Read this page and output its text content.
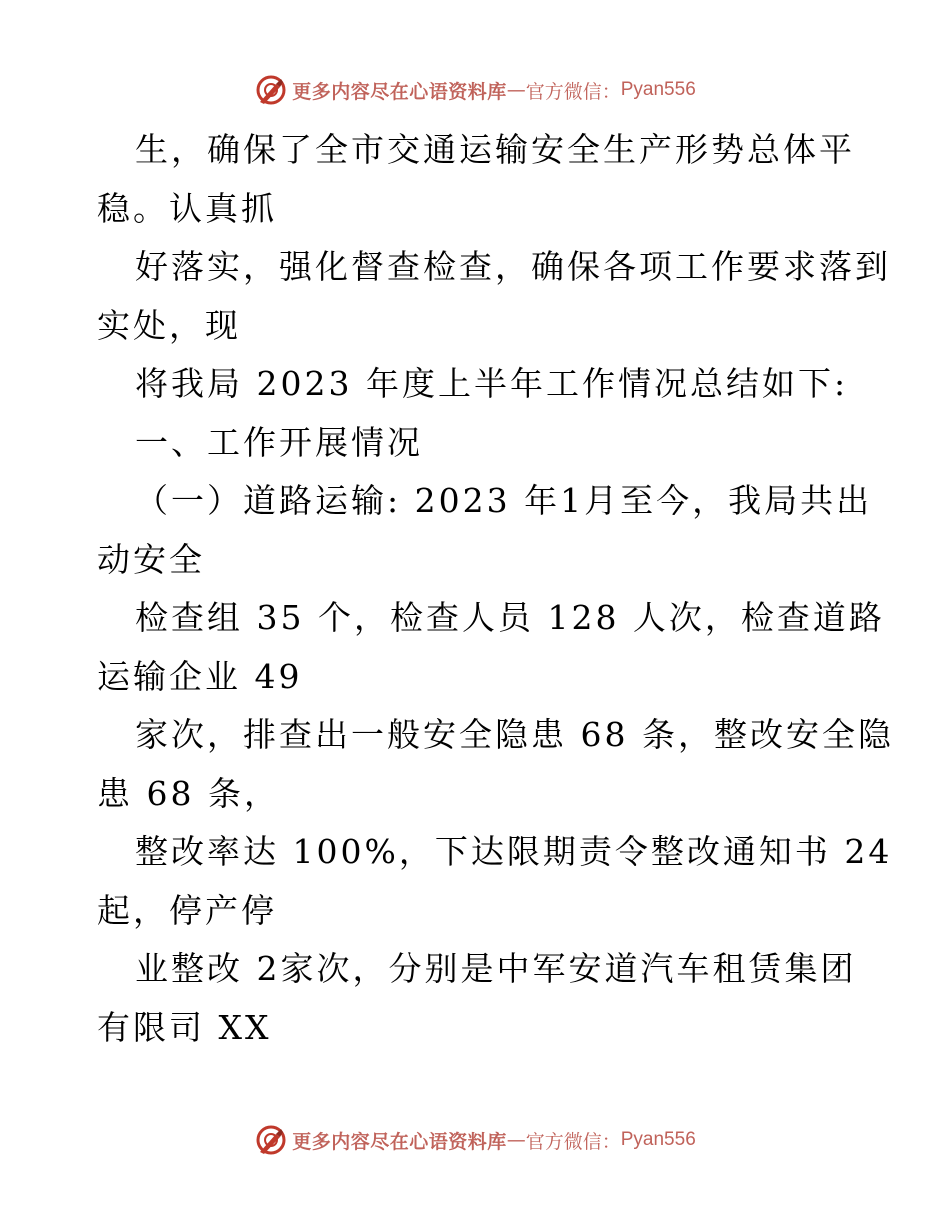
更多内容尽在心语资料库 — 官方微信： Pyan556
生，确保了全市交通运输安全生产形势总体平
稳。认真抓
好落实，强化督查检查，确保各项工作要求落到
实处，现
将我局 2023 年度上半年工作情况总结如下:
一、工作开展情况
（一）道路运输: 2023 年1月至今，我局共出
动安全
检查组 35 个，检查人员 128 人次，检查道路
运输企业 49
家次，排查出一般安全隐患 68 条，整改安全隐
患 68 条，
整改率达 100%，下达限期责令整改通知书 24
起，停产停
业整改 2家次，分别是中军安道汽车租赁集团
有限司 XX
更多内容尽在心语资料库 — 官方微信： Pyan556
